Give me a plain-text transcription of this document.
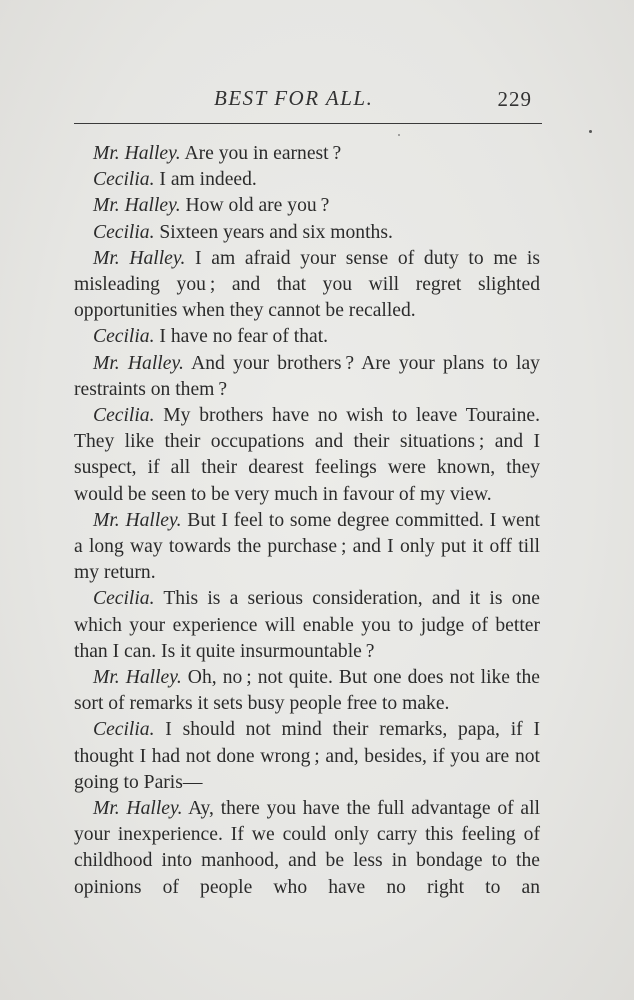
BEST FOR ALL.	229

Mr. Halley. Are you in earnest ?

Cecilia. I am indeed.

Mr. Halley. How old are you ?

Cecilia. Sixteen years and six months.

Mr. Halley. I am afraid your sense of duty to me is misleading you ; and that you will regret slighted opportunities when they cannot be recalled.

Cecilia. I have no fear of that.

Mr. Halley. And your brothers ? Are your plans to lay restraints on them ?

Cecilia. My brothers have no wish to leave Touraine. They like their occupations and their situations ; and I suspect, if all their dearest feelings were known, they would be seen to be very much in favour of my view.

Mr. Halley. But I feel to some degree committed. I went a long way towards the purchase ; and I only put it off till my return.

Cecilia. This is a serious consideration, and it is one which your experience will enable you to judge of better than I can. Is it quite insurmountable ?

Mr. Halley. Oh, no ; not quite. But one does not like the sort of remarks it sets busy people free to make.

Cecilia. I should not mind their remarks, papa, if I thought I had not done wrong ; and, besides, if you are not going to Paris—

Mr. Halley. Ay, there you have the full advantage of all your inexperience. If we could only carry this feeling of childhood into manhood, and be less in bondage to the opinions of people who have no right to an
